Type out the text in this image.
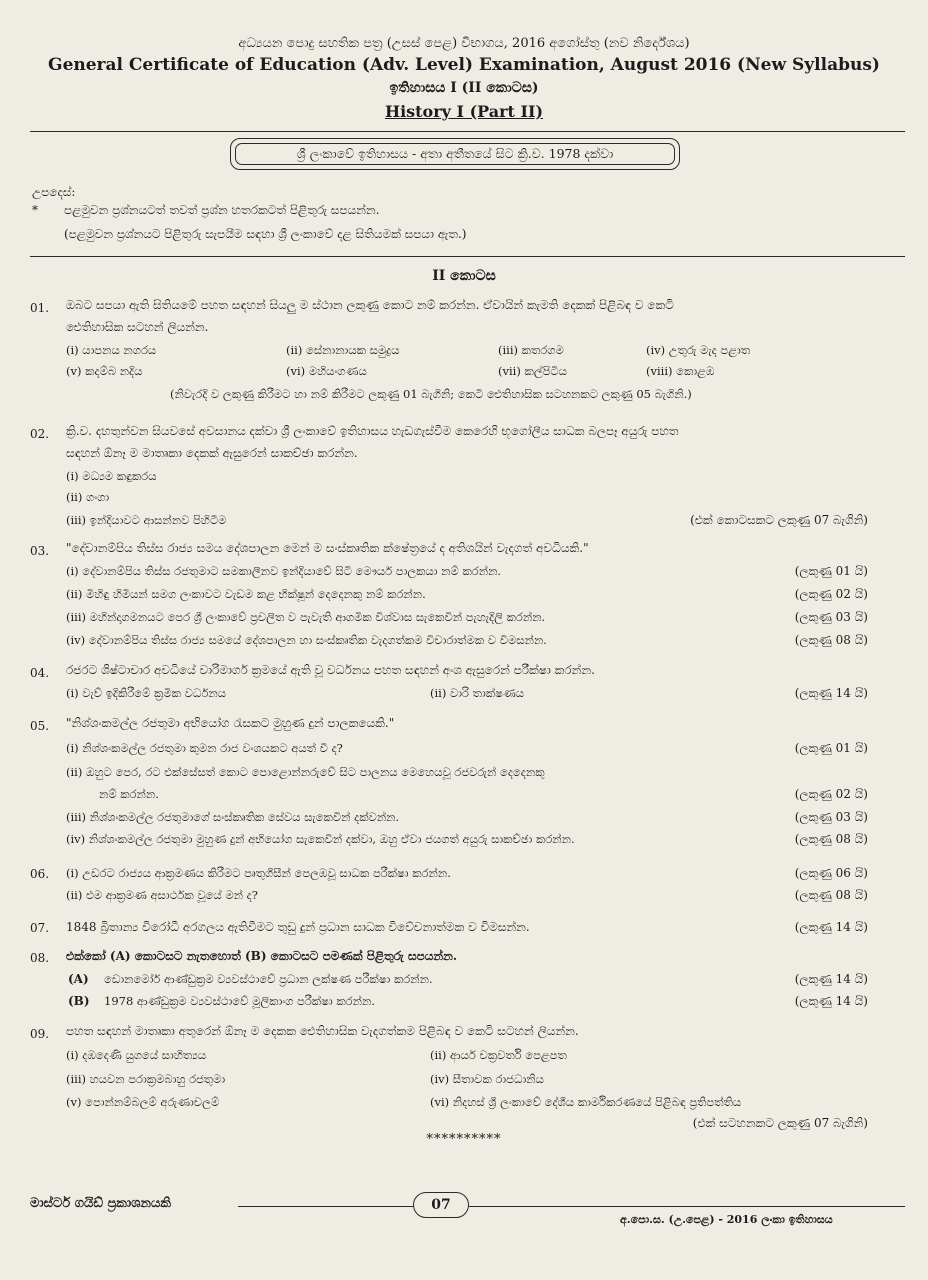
අධ්‍යයන පොදු සහතික පත්‍ර (උසස් පෙළ) විභාගය, 2016 අගෝස්තු (නව නිර්දේශය)
General Certificate of Education (Adv. Level) Examination, August 2016 (New Syllabus)
ඉතිහාසය I (II කොටස)
History I (Part II)
ශ්‍රී ලංකාවේ ඉතිහාසය - අතා අතීතයේ සිට ක්‍රි.ව. 1978 දක්වා
උපදෙස්:
* පළමුවන ප්‍රශ්නයටත් තවත් ප්‍රශ්න හතරකටත් පිළිතුරු සපයන්න.
(පළමුවන ප්‍රශ්නයට පිළිතුරු සැපයීම සඳහා ශ්‍රී ලංකාවේ දළ සිතියමක් සපයා ඇත.)
II කොටස
01. ඔබට සපයා ඇති සිතියමේ පහත සඳහන් සියලු ම ස්ථාන ලකුණු කොට නම් කරන්න. ඒවායින් කැමති දෙකක් පිළිබඳ ව කෙටි
ඓතිහාසික සටහන් ලියන්න.
(i) යාපනය නගරය	(ii) සේනානායක සමුද්‍රය	(iii) කතරගම	(iv) උතුරු මැද පළාත
(v) කදම්බ නදිය	(vi) මහියංගණය	(vii) කල්පිටිය	(viii) කොළඹ
(නිවැරදි ව ලකුණු කිරීමට හා නම් කිරීමට ලකුණු 01 බැගිනි; කෙටි ඓතිහාසික සටහනකට ලකුණු 05 බැගිනි.)
02. ක්‍රි.ව. දහතුන්වන සියවසේ අවසානය දක්වා ශ්‍රී ලංකාවේ ඉතිහාසය හැඩගැස්වීම කෙරෙහි භූගෝලීය සාධක බලපෑ අයුරු පහත
සඳහන් ඕනෑ ම මාතෘකා දෙකක් ඇසුරෙන් සාකච්ඡා කරන්න.
(i) මධ්‍යම කඳුකරය
(ii) ගංගා
(iii) ඉන්දියාවට ආසන්නව පිහිටීම	(එක් කොටසකට ලකුණු 07 බැගිනි)
03. "දේවානම්පිය තිස්ස රාජ්‍ය සමය දේශපාලන මෙන් ම සංස්කෘතික ක්ෂේත්‍රයේ ද අතිශයින් වැදගත් අවධියකි."
(i) දේවානම්පිය තිස්ස රජතුමාට සමකාලීනව ඉන්දියාවේ සිටි මෞර්ය පාලකයා නම් කරන්න.	(ලකුණු 01 යි)
(ii) මිහිඳු හිමියන් සමග ලංකාවට වැඩම කළ භික්ෂූන් දෙදෙනකු නම් කරන්න.	(ලකුණු 02 යි)
(iii) මහින්දාගමනයට පෙර ශ්‍රී ලංකාවේ ප්‍රචලිත ව පැවැති ආගමික විශ්වාස සැකෙවින් පැහැදිලි කරන්න.	(ලකුණු 03 යි)
(iv) දේවානම්පිය තිස්ස රාජ්‍ය සමයේ දේශපාලන හා සංස්කෘතික වැදගත්කම විචාරාත්මක ව විමසන්න.	(ලකුණු 08 යි)
04. රජරට ශිෂ්ටාචාර අවධියේ වාරිමාර්ග ක්‍රමයේ ඇති වූ වර්ධනය පහත සඳහන් අංශ ඇසුරෙන් පරීක්ෂා කරන්න.
(i) වැව් ඉදිකිරීමේ ක්‍රමික වර්ධනය	(ii) වාරි තාක්ෂණය	(ලකුණු 14 යි)
05. "නිශ්ශංකමල්ල රජතුමා අභියෝග රැසකට මුහුණ දුන් පාලකයෙකි."
(i) නිශ්ශංකමල්ල රජතුමා කුමන රාජ වංශයකට අයත් වී ද?	(ලකුණු 01 යි)
(ii) ඔහුට පෙර, රට එක්සේසත් කොට පොළොන්නරුවේ සිට පාලනය මෙහෙයවූ රජවරුන් දෙදෙනකු
නම් කරන්න.	(ලකුණු 02 යි)
(iii) නිශ්ශංකමල්ල රජතුමාගේ සංස්කෘතික සේවය සැකෙවින් දක්වන්න.	(ලකුණු 03 යි)
(iv) නිශ්ශංකමල්ල රජතුමා මුහුණ දුන් අභියෝග සැකෙවින් දක්වා, ඔහු ඒවා ජයගත් අයුරු සාකච්ඡා කරන්න.	(ලකුණු 08 යි)
06. (i) උඩරට රාජ්‍යය ආක්‍රමණය කිරීමට පෘතුගීසීන් පෙලඹවූ සාධක පරීක්ෂා කරන්න.	(ලකුණු 06 යි)
(ii) එම ආක්‍රමණ අසාර්ථක වූයේ මන් ද?	(ලකුණු 08 යි)
07. 1848 බ්‍රිතාන්‍ය විරෝධී අරගලය ඇතිවීමට තුඩු දුන් ප්‍රධාන සාධක විවේචනාත්මක ව විමසන්න.	(ලකුණු 14 යි)
08. එක්කෝ (A) කොටසට නැතහොත් (B) කොටසට පමණක් පිළිතුරු සපයන්න.
(A) ඩොනමෝර් ආණ්ඩුක්‍රම ව්‍යවස්ථාවේ ප්‍රධාන ලක්ෂණ පරීක්ෂා කරන්න.	(ලකුණු 14 යි)
(B) 1978 ආණ්ඩුක්‍රම ව්‍යවස්ථාවේ මූලිකාංග පරීක්ෂා කරන්න.	(ලකුණු 14 යි)
09. පහත සඳහන් මාතෘකා අතුරෙන් ඕනෑ ම දෙකක ඓතිහාසික වැදගත්කම පිළිබඳ ව කෙටි සටහන් ලියන්න.
(i) දඹදෙණි යුගයේ සාහිත්‍යය	(ii) ආර්ය චක්‍රවර්ති පෙළපත
(iii) හයවන පරාක්‍රමබාහු රජතුමා	(iv) සීතාවක රාජධානිය
(v) පොන්නම්බලම් අරුණාචලම්	(vi) නිදහස් ශ්‍රී ලංකාවේ දේශීය කාර්මිකරණයේ පිළිබඳ ප්‍රතිපත්තිය
(එක් සටහනකට ලකුණු 07 බැගිනි)
**********
මාස්ටර් ගයිඩ් ප්‍රකාශනයකි	07
අ.පො.ස. (උ.පෙළ) - 2016 ලංකා ඉතිහාසය
